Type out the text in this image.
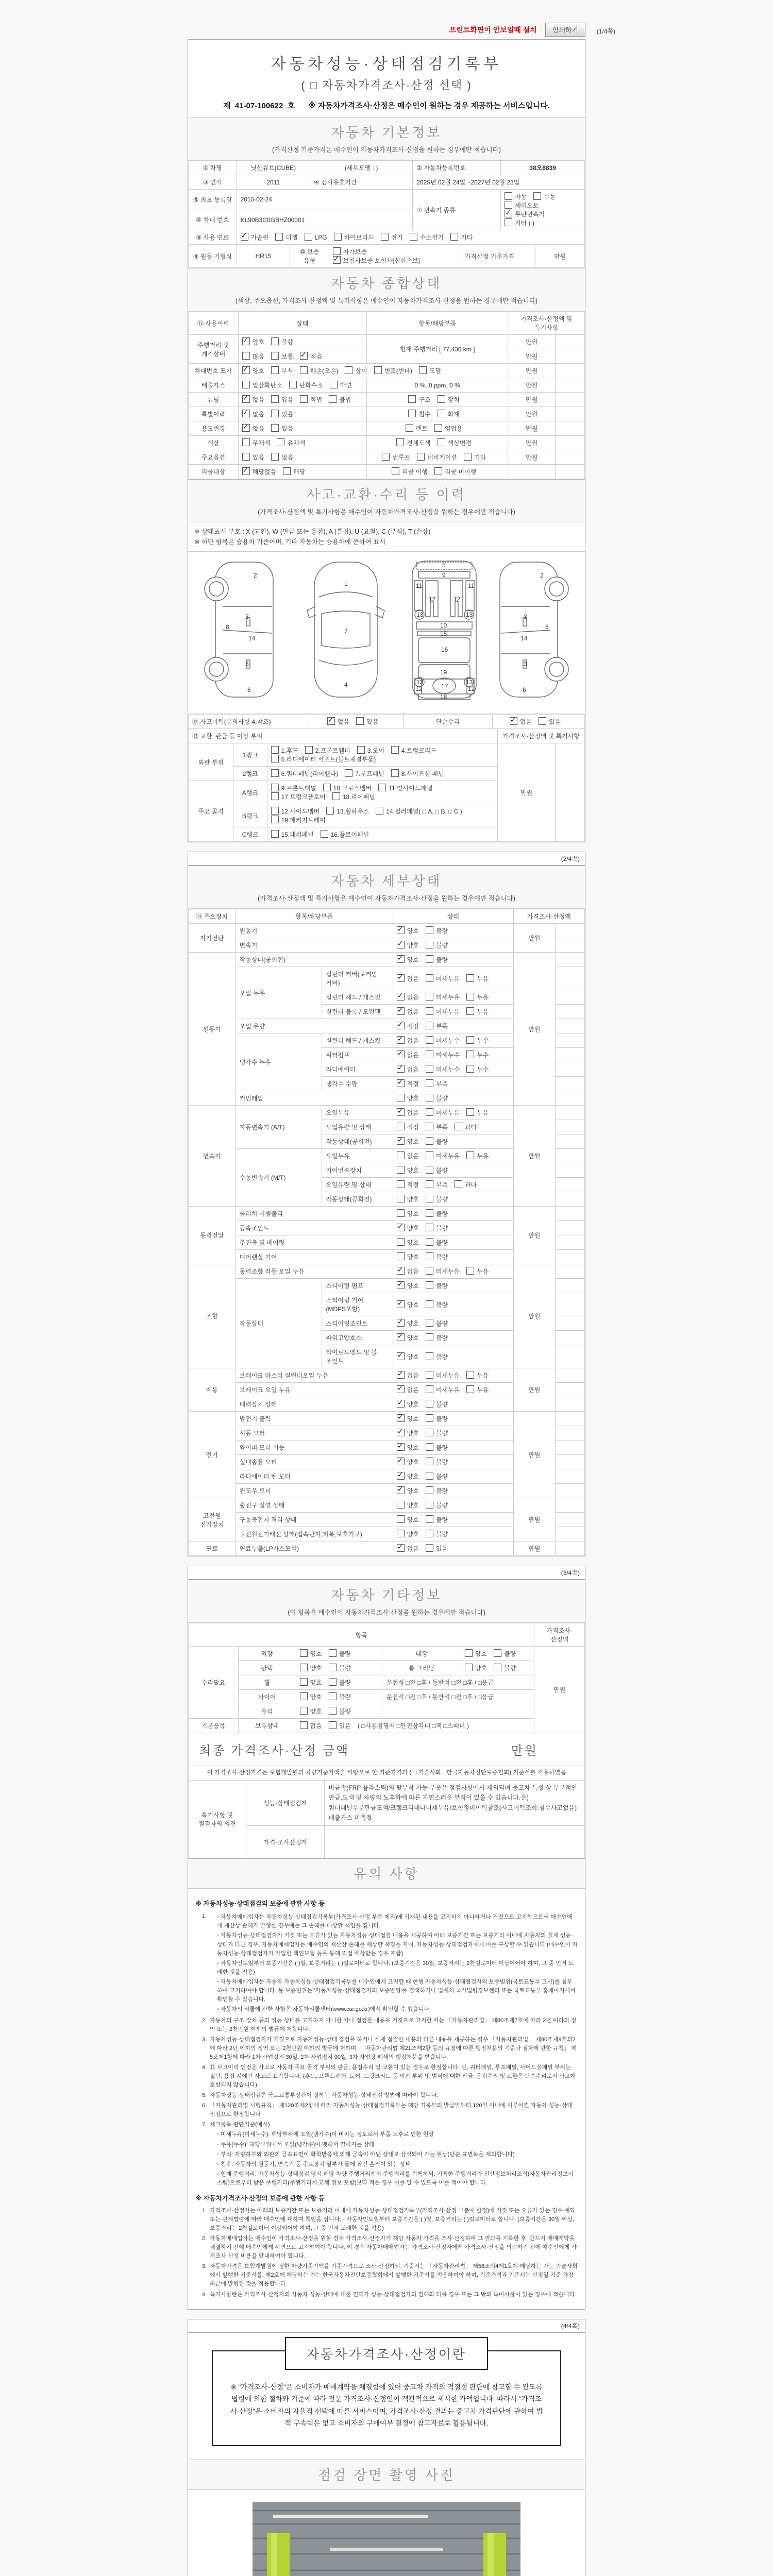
프린트화면이 안보일때 설치	인쇄하기	(1/4쪽)
자동차성능·상태점검기록부
( □ 자동차가격조사·산정 선택 )
제 41-07-100622 호 ※ 자동차가격조사·산정은 매수인이 원하는 경우 제공하는 서비스입니다.
자동차 기본정보
(가격산정 기준가격은 매수인이 자동차가격조사·산정을 원하는 경우에만 적습니다)
① 차명	닛산큐브(CUBE)	(세부모델 : )	② 자동차등록번호	38오8839
③ 연식	2011	④ 검사유효기간	2025년 02월 24일 ~2027년 02월 23일	
⑤ 최초 등록일	2015-02-24		⑦ 변속기 종류	자동 수동세미오토✓무단변속기기타 ( )
⑥ 차대 번호	KL90B3C0GBHZ00001			
⑧ 사용 연료	✓가솔린 디젤 LPG 하이브리드 전기 수소전기 기타
⑨ 원동 기형식	HR15	⑩ 보증 유형	자가보증✓보험사보증 보험사[신한손보]	가격산정 기준가격	만원
자동차 종합상태
(색상, 주요옵션, 가격조사·산정액 및 특기사항은 매수인이 자동차가격조사·산정을 원하는 경우에만 적습니다)
⑪ 사용이력	상태	항목/해당부품	가격조사·산정액 및 특기사항	
주행거리 및 계기상태	✓양호 불량	현재 주행거리 [ 77,436 km ]	만원	
	많음 보통 ✓ 적음		만원	
차대번호 표기	✓양호 부식 훼손(오손) 상이 변조(변타) 도말		만원	
배출가스	일산화탄소 탄화수소 매연	0 %, 0 ppm, 0 %	만원	
튜닝	✓없음 있음 적법 불법	구조 장치	만원	
특별이력	✓없음 있음	침수 화재	만원	
용도변경	✓없음 있음	렌트 영업용	만원	
색상	무채색 유채색	전체도색 색상변경	만원	
주요옵션	있음 없음	썬루프 네비게이션 기타	만원	
리콜대상	✓해당없음 해당	리콜 이행 리콜 미이행		
사고·교환·수리 등 이력
(가격조사·산정액 및 특기사항은 매수인이 자동차가격조사·산정을 원하는 경우에만 적습니다)
※ 상태표시 부호 : X (교환), W (판금 또는 용접), A (흠집), U (요철), C (부식), T (손상)
※ 하단 항목은 승용차 기준이며, 기타 자동차는 승용차에 준하여 표시
2
3
8
14
3
6
1
7
4
5
9
11	11
12	12
13	13
10
15
16
19
13	13
17
12	12
18
2
3
8
14
3
6
⑫ 사고이력(유의사항 4.참조)	✓없음	있음	단순수리	✓없음	있음
⑬ 교환, 판금 등 이상 부위			가격조사·산정액 및 특기사항	
외판 부위	1랭크	1.후드 2.프론트휀더 3.도어 4.트렁크리드5.라디에이터 서포트(볼트체결부품)	만원	
	2랭크	6.쿼터패널(리어휀다) 7.루프패널 8.사이드실 패널		
주요 골격	A랭크	9.프론트패널 10.크로스멤버 11.인사이드패널17.트렁크플로어 18.리어패널		
	B랭크	12.사이드멤버 13.휠하우스 14.필러패널( □ A, □ B, □ C )19.패키지트레이		
	C랭크	15.대쉬패널 16.플로어패널		
(2/4쪽)
자동차 세부상태
(가격조사·산정액 및 특기사항은 매수인이 자동차가격조사·산정을 원하는 경우에만 적습니다)
⑭ 주요장치	항목/해당부품		상태	가격조사·산정액	
자기진단	원동기	✓양호 불량	만원	
	변속기	✓양호 불량	
원동기	작동상태(공회전)	✓양호 불량	만원	
	오일 누유	실린더 커버(로커암 커버)	✓없음 미세누유 누유	
		실린더 헤드 / 개스킷	✓없음 미세누유 누유	
		실린더 블록 / 오일팬	✓없음 미세누유 누유	
	오일 유량	✓적정 부족	
	냉각수 누수	실린더 헤드 / 개스킷	✓없음 미세누수 누수	
		워터펌프	✓없음 미세누수 누수	
		라디에이터	✓없음 미세누수 누수	
		냉각수 수량	✓적정 부족	
	커먼레일		양호 불량		
변속기	자동변속기 (A/T)	오일누유	✓없음 미세누유 누유	만원	
		오일유량 및 상태	적정 부족 과다		
		작동상태(공회전)	✓양호 불량	
	수동변속기 (M/T)	오일누유	없음 미세누유 누유		
		기어변속장치	양호 불량		
		오일유량 및 상태	적정 부족 과다		
		작동상태(공회전)	양호 불량		
동력전달	클러치 어셈블리		양호 불량	만원	
	등속조인트	✓양호 불량	
	추진축 및 베어링		양호 불량		
	디퍼렌셜 기어		양호 불량		
조향	동력조향 작동 오일 누유	✓없음 미세누유 누유	만원	
	작동상태	스티어링 펌프	✓양호 불량	
		스티어링 기어(MDPS포함)	✓양호 불량	
		스티어링조인트	✓양호 불량	
		파워고압호스	✓양호 불량	
		타이로드엔드 및 볼 조인트	✓양호 불량	
제동	브레이크 마스터 실린더오일 누유	✓없음 미세누유 누유	만원	
	브레이크 오일 누유	✓없음 미세누유 누유	
	배력장치 상태	✓양호 불량	
전기	발전기 출력	✓양호 불량	만원	
	시동 모터	✓양호 불량	
	와이퍼 모터 기능	✓양호 불량	
	실내송풍 모터	✓양호 불량	
	라디에이터 팬 모터	✓양호 불량	
	윈도우 모터	✓양호 불량	
고전원 전기장치	충전구 절연 상태		양호 불량	만원	
	구동축전지 격리 상태		양호 불량		
	고전원전기배선 상태(접속단자,피복,보호기구)		양호 불량		
연료	연료누출(LP가스포함)	✓없음 있음	만원	
(3/4쪽)
자동차 기타정보
(이 항목은 매수인이 자동차가격조사·산정을 원하는 경우에만 적습니다)
항목					가격조사·산정액
수리필요	외장	양호 불량	내장	양호 불량	만원
	광택	양호 불량	룸 크리닝	양호 불량	
	휠	양호 불량	운전석 □전 □후 / 동반석 □전 □후 / □응급		
	타이어	양호 불량	운전석 □전 □후 / 동반석 □전 □후 / □응급		
	유리	양호 불량			
기본품목	보유상태	없음 있음 ( □사용설명서 □안전삼각대 □잭 □스패너 )			
최종 가격조사·산정 금액	만원
이 가격조사·산정가격은 보험개발원의 차량기준가액을 바탕으로 한 기준가격과 ( □ 기술사회,□한국자동차진단보증협회) 기준서를 적용하였음
특기사항 및 점검자의 의견	성능·상태점검자	비금속(FRP 플라스틱)의 탈부착 가능 부품은 점검사항에서 제외되며 중고차 특성 상 부분적인 판금,도색 및 차량의 노후화에 따른 자연스러운 부식이 있을 수 있습니다.운)쿼터패널부분판금도색/크랭크리데나미세누유/보험정비이력참조(사고이력조회:침수사고없음) 배출가스 미측정
	가격·조사산정자	
유의 사항
※ 자동차성능·상태점검의 보증에 관한 사항 등
1. ◦ 자동차매매업자는 자동차성능·상태점검기록부(가격조사·산정 부분 제외)에 기재된 내용을 고지하지 아니하거나 거짓으로 고지함으로써 매수인에게 재산상 손해가 발생한 경우에는 그 손해를 배상할 책임을 집니다.
◦ 자동차성능·상태점검자가 거짓 또는 오류가 있는 자동차성능·상태점검 내용을 제공하여 아래 보증기간 또는 보증거리 이내에 자동차의 실제 성능·상태가 다른 경우, 자동차매매업자는 매수인의 재산상 손해를 배상할 책임을 지며, 자동차성능·상태점검자에게 이를 구상할 수 있습니다.(매수인이 자동차성능·상태점검자가 가입한 책임보험 등을 통해 직접 배상받는 경우 포함)
◦ 자동차인도일부터 보증기간은 ( )일, 보증거리는 ( )킬로미터로 합니다. (보증기간은 30일, 보증거리는 2천킬로미터 이상이어야 하며, 그 중 먼저 도래한 것을 적용)
◦ 자동차매매업자는 자동차 자동차성능·상태점검기록부를 매수인에게 고지할 때 현행 자동차성능·상태점검자의 보증범위(국토교통부 고시)를 첨부하여 고지하여야 합니다. 동 보증범위는 '자동차성능·상태점검자의 보증범위'를 검색하거나 법제처 국가법령정보센터 또는 국토교통부 홈페이지에서 확인할 수 있습니다.
◦ 자동차의 리콜에 관한 사항은 자동차리콜센터(www.car.go.kr)에서 확인할 수 있습니다.
2. 자동차의 구조·장치 등의 성능·상태를 고지하지 아니한 자나 점검한 내용을 거짓으로 고지한 자는 「자동차관리법」 제80조제7호에 따라 2년 이하의 징역 또는 2천만원 이하의 벌금에 처합니다.
3. 자동차성능·상태점검자가 거짓으로 자동차성능·상태 점검을 하거나 실제 점검한 내용과 다른 내용을 제공하는 경우 「자동차관리법」 제80조제9호의2에 따라 2년 이하의 징역 또는 2천만원 이하의 벌금에 처하며, 「자동차관리법 제21조제2항 등의 규정에 따른 행정처분의 기준과 절차에 관한 규칙」 제5조제1항에 따라 1차 사업정지 30일, 2차 사업정지 90일, 3차 사업장 폐쇄의 행정처분을 받습니다.
4. ⑫ 사고이력 인정은 사고로 자동차 주요 골격 부위의 판금, 용접수리 및 교환이 있는 경우로 한정합니다. 단, 쿼터패널, 루프패널, 사이드실패널 부위는 절단, 용접 시에만 사고로 표기합니다. (후드, 프론트펜더, 도어, 트렁크리드 등 외판 부위 및 범퍼에 대한 판금, 용접수리 및 교환은 단순수리로서 사고에 포함되지 않습니다)
5. 자동차성능·상태점검은 국토교통부장관이 정하는 자동차성능·상태점검 방법에 따라야 합니다.
6. 「자동차관리법 시행규칙」 제120조제2항에 따라 자동차성능·상태점검기록부는 해당 기록부의 발급일부터 120일 이내에 이루어진 자동차 성능·상태점검으로 한정합니다
7. 체크항목 판단기준(예시)
◦ 미세누유(미세누수): 해당부위에 오일(냉각수)이 비치는 정도로서 부품 노후로 인한 현상
◦ 누유(누수): 해당부위에서 오일(냉각수)이 맺혀서 떨어지는 상태
◦ 부식: 차량하부와 외판의 금속표면이 화학반응에 의해 금속이 아닌 상태로 상실되어 가는 현상(단순 표면녹은 제외합니다)
◦ 침수: 자동차의 원동기, 변속기 등 주요장치 일부가 물에 잠긴 흔적이 있는 상태
◦ 현재 주행거리: 자동차성능·상태점검 당시 해당 차량 주행거리계의 주행거리를 기록하되, 기록한 주행거리가 전산정보처리조직(자동차관리정보시스템)으로부터 받은 주행거리(주행거리계 교체 정보 포함)보다 적은 경우 이를 알 수 있도록 이를 적어야 합니다.
※ 자동차가격조사·산정의 보증에 관한 사항 등
1. 가격조사·산정자는 아래의 보증기간 또는 보증거리 이내에 자동차성능·상태점검기록부(가격조사·산정 부분에 한정)에 거짓 또는 오류가 있는 경우 계약 또는 관계법령에 따라 매수인에 대하여 책임을 집니다. · 자동차인도일부터 보증기간은 ( )일, 보증거리는 ( )킬로미터로 합니다. (보증기간은 30일 이상, 보증거리는 2천킬로미터 이상이어야 하며, 그 중 먼저 도래한 것을 적용)
2. 자동차매매업자는 매수인이 가격조사·산정을 원할 경우 가격조사·산정자가 해당 자동차 가격을 조사·산정하여 그 결과를 기록한 후, 반드시 매매계약을 체결하기 전에 매수인에게 서면으로 고지하여야 합니다. 이 경우 자동차매매업자는 가격조사·산정자에게 가격조사·산정을 의뢰하기 전에 매수인에게 가격조사·산정 비용을 안내하여야 합니다.
3. 자동차가격은 보험개발원이 정한 차량기준가액을 기준가격으로 조사·산정하되, 기준서는 「자동차관리법」 제58조의4제1호에 해당하는 자는 기술사회에서 발행한 기준서를, 제2호에 해당하는 자는 한국자동차진단보증협회에서 발행한 기준서를 적용하여야 하며, 기준가격과 기준서는 산정일 기준 가장 최근에 발행된 것을 적용합니다.
4. 특기사항란은 가격조사·산정자의 자동차 성능·상태에 대한 견해가 성능·상태점검자의 견해와 다를 경우 또는 그 밖의 특이사항이 있는 경우에 적습니다.
(4/4쪽)
자동차가격조사·산정이란
※ "가격조사·산정"은 소비자가 매매계약을 체결함에 있어 중고차 가격의 적절성 판단에 참고할 수 있도록 법령에 의한 절차와 기준에 따라 전문 가격조사·산정인이 객관적으로 제시한 가액입니다. 따라서 "가격조사·산정"은 소비자의 자율적 선택에 따른 서비스이며, 가격조사·산정 결과는 중고차 가격판단에 관하여 법적 구속력은 없고 소비자의 구매여부 결정에 참고자료로 활용됩니다.
점검 장면 촬영 사진
